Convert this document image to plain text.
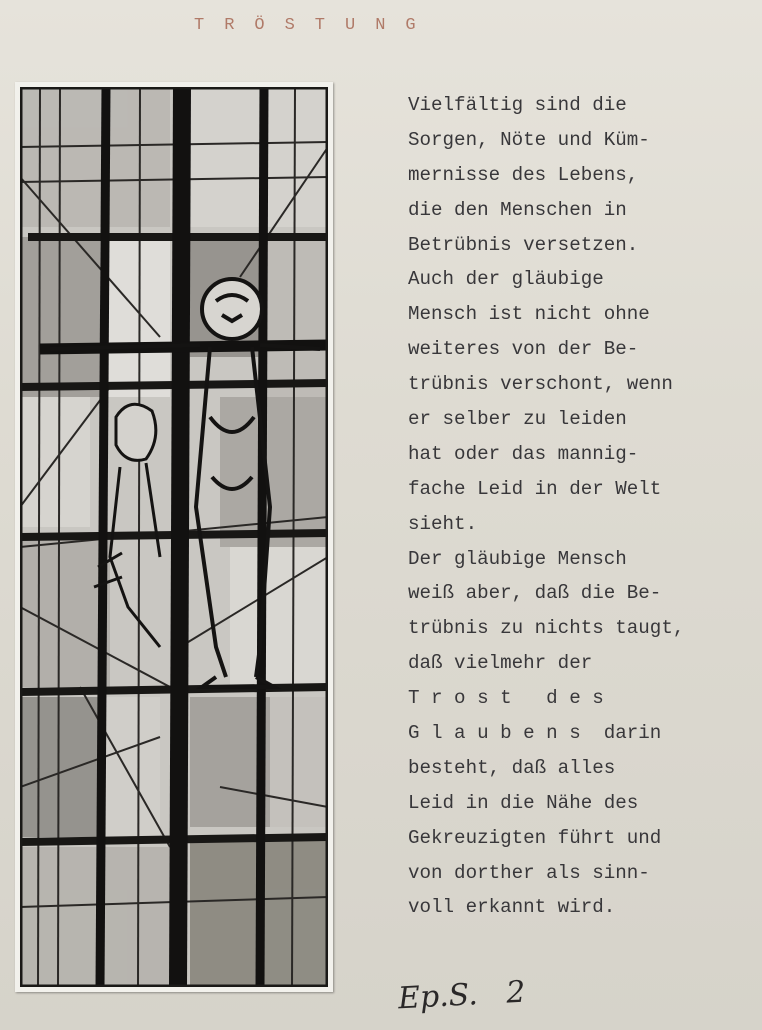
TRÖSTUNG
Vielfältig sind die
Sorgen, Nöte und Küm-
mernisse des Lebens,
die den Menschen in
Betrübnis versetzen.
Auch der gläubige
Mensch ist nicht ohne
weiteres von der Be-
trübnis verschont, wenn
er selber zu leiden
hat oder das mannig-
fache Leid in der Welt
sieht.
Der gläubige Mensch
weiß aber, daß die Be-
trübnis zu nichts taugt,
daß vielmehr der
T r o s t   d e s
G l a u b e n s  darin
besteht, daß alles
Leid in die Nähe des
Gekreuzigten führt und
von dorther als sinn-
voll erkannt wird.
Ep.S.   2
